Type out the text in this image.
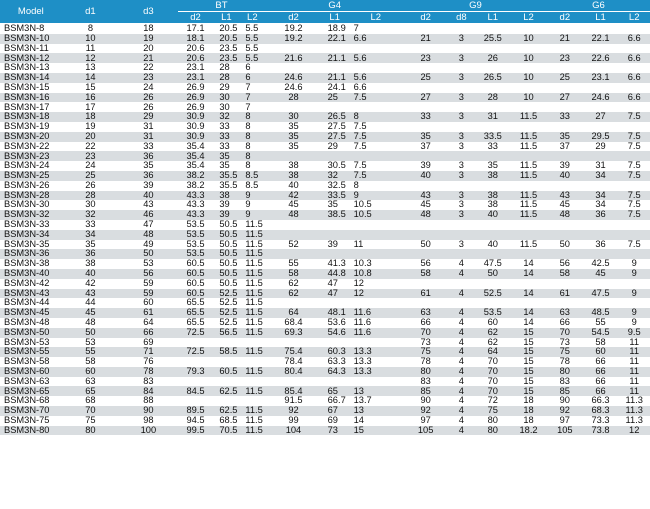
Model	d1	d3	BT			G4			G9				G6		
			d2	L1	L2	d2	L1	L2	d2	d8	L1	L2	d2	L1	L2
BSM3N-8	8	18	17.1	20.5	5.5	19.2	18.9	7							
BSM3N-10	10	19	18.1	20.5	5.5	19.2	22.1	6.6	21	3	25.5	10	21	22.1	6.6
BSM3N-11	11	20	20.6	23.5	5.5										
BSM3N-12	12	21	20.6	23.5	5.5	21.6	21.1	5.6	23	3	26	10	23	22.6	6.6
BSM3N-13	13	22	23.1	28	6										
BSM3N-14	14	23	23.1	28	6	24.6	21.1	5.6	25	3	26.5	10	25	23.1	6.6
BSM3N-15	15	24	26.9	29	7	24.6	24.1	6.6							
BSM3N-16	16	26	26.9	30	7	28	25	7.5	27	3	28	10	27	24.6	6.6
BSM3N-17	17	26	26.9	30	7										
BSM3N-18	18	29	30.9	32	8	30	26.5	8	33	3	31	11.5	33	27	7.5
BSM3N-19	19	31	30.9	33	8	35	27.5	7.5							
BSM3N-20	20	31	30.9	33	8	35	27.5	7.5	35	3	33.5	11.5	35	29.5	7.5
BSM3N-22	22	33	35.4	33	8	35	29	7.5	37	3	33	11.5	37	29	7.5
BSM3N-23	23	36	35.4	35	8										
BSM3N-24	24	35	35.4	35	8	38	30.5	7.5	39	3	35	11.5	39	31	7.5
BSM3N-25	25	36	38.2	35.5	8.5	38	32	7.5	40	3	38	11.5	40	34	7.5
BSM3N-26	26	39	38.2	35.5	8.5	40	32.5	8							
BSM3N-28	28	40	43.3	38	9	42	33.5	9	43	3	38	11.5	43	34	7.5
BSM3N-30	30	43	43.3	39	9	45	35	10.5	45	3	38	11.5	45	34	7.5
BSM3N-32	32	46	43.3	39	9	48	38.5	10.5	48	3	40	11.5	48	36	7.5
BSM3N-33	33	47	53.5	50.5	11.5										
BSM3N-34	34	48	53.5	50.5	11.5										
BSM3N-35	35	49	53.5	50.5	11.5	52	39	11	50	3	40	11.5	50	36	7.5
BSM3N-36	36	50	53.5	50.5	11.5										
BSM3N-38	38	53	60.5	50.5	11.5	55	41.3	10.3	56	4	47.5	14	56	42.5	9
BSM3N-40	40	56	60.5	50.5	11.5	58	44.8	10.8	58	4	50	14	58	45	9
BSM3N-42	42	59	60.5	50.5	11.5	62	47	12							
BSM3N-43	43	59	60.5	52.5	11.5	62	47	12	61	4	52.5	14	61	47.5	9
BSM3N-44	44	60	65.5	52.5	11.5										
BSM3N-45	45	61	65.5	52.5	11.5	64	48.1	11.6	63	4	53.5	14	63	48.5	9
BSM3N-48	48	64	65.5	52.5	11.5	68.4	53.6	11.6	66	4	60	14	66	55	9
BSM3N-50	50	66	72.5	56.5	11.5	69.3	54.6	11.6	70	4	62	15	70	54.5	9.5
BSM3N-53	53	69							73	4	62	15	73	58	11
BSM3N-55	55	71	72.5	58.5	11.5	75.4	60.3	13.3	75	4	64	15	75	60	11
BSM3N-58	58	76				78.4	63.3	13.3	78	4	70	15	78	66	11
BSM3N-60	60	78	79.3	60.5	11.5	80.4	64.3	13.3	80	4	70	15	80	66	11
BSM3N-63	63	83							83	4	70	15	83	66	11
BSM3N-65	65	84	84.5	62.5	11.5	85.4	65	13	85	4	70	15	85	66	11
BSM3N-68	68	88				91.5	66.7	13.7	90	4	72	18	90	66.3	11.3
BSM3N-70	70	90	89.5	62.5	11.5	92	67	13	92	4	75	18	92	68.3	11.3
BSM3N-75	75	98	94.5	68.5	11.5	99	69	14	97	4	80	18	97	73.3	11.3
BSM3N-80	80	100	99.5	70.5	11.5	104	73	15	105	4	80	18.2	105	73.8	12
